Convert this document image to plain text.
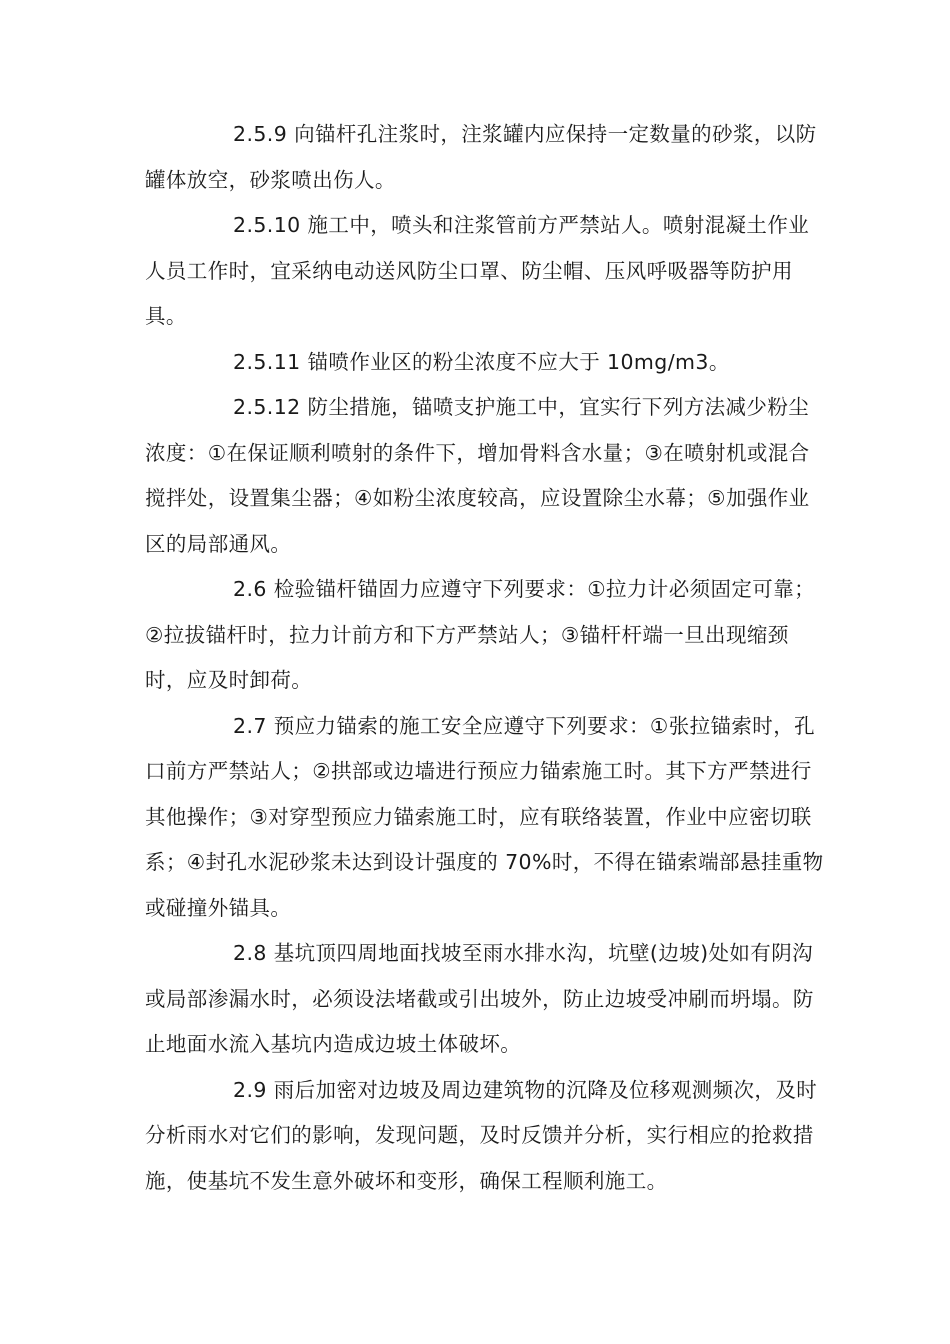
2.5.9 向锚杆孔注浆时，注浆罐内应保持一定数量的砂浆，以防罐体放空，砂浆喷出伤人。

2.5.10 施工中，喷头和注浆管前方严禁站人。喷射混凝土作业人员工作时，宜采纳电动送风防尘口罩、防尘帽、压风呼吸器等防护用具。

2.5.11 锚喷作业区的粉尘浓度不应大于 10mg/m3。

2.5.12 防尘措施，锚喷支护施工中，宜实行下列方法减少粉尘浓度：①在保证顺利喷射的条件下，增加骨料含水量；③在喷射机或混合搅拌处，设置集尘器；④如粉尘浓度较高，应设置除尘水幕；⑤加强作业区的局部通风。

2.6 检验锚杆锚固力应遵守下列要求：①拉力计必须固定可靠；②拉拔锚杆时，拉力计前方和下方严禁站人；③锚杆杆端一旦出现缩颈时，应及时卸荷。

2.7 预应力锚索的施工安全应遵守下列要求：①张拉锚索时，孔口前方严禁站人；②拱部或边墙进行预应力锚索施工时。其下方严禁进行其他操作；③对穿型预应力锚索施工时，应有联络装置，作业中应密切联系；④封孔水泥砂浆未达到设计强度的 70%时，不得在锚索端部悬挂重物或碰撞外锚具。

2.8 基坑顶四周地面找坡至雨水排水沟，坑壁(边坡)处如有阴沟或局部渗漏水时，必须设法堵截或引出坡外，防止边坡受冲刷而坍塌。防止地面水流入基坑内造成边坡土体破坏。

2.9 雨后加密对边坡及周边建筑物的沉降及位移观测频次，及时分析雨水对它们的影响，发现问题，及时反馈并分析，实行相应的抢救措施，使基坑不发生意外破坏和变形，确保工程顺利施工。
